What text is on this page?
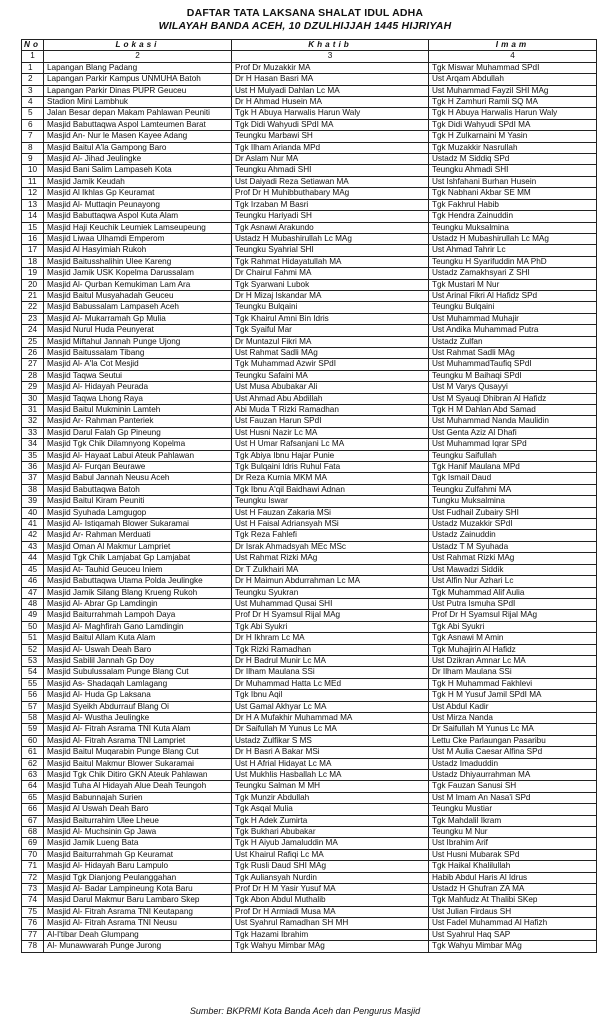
DAFTAR TATA LAKSANA SHALAT IDUL ADHA
WILAYAH BANDA ACEH, 10 DZULHIJJAH 1445 HIJRIYAH
No	Lokasi	Khatib	Imam
1	2	3	4
1	Lapangan Blang Padang	Prof Dr Muzakkir MA	Tgk Miswar Muhammad SPdI
2	Lapangan Parkir Kampus UNMUHA Batoh	Dr H Hasan Basri MA	Ust Arqam Abdullah
3	Lapangan Parkir Dinas PUPR Geuceu	Ust H Mulyadi Dahlan Lc MA	Ust Muhammad Fayzil SHI MAg
4	Stadion Mini Lambhuk	Dr H Ahmad Husein MA	Tgk H Zamhuri Ramli SQ MA
5	Jalan Besar depan Makam Pahlawan Peuniti	Tgk H Abuya Harwalis Harun Waly	Tgk H Abuya Harwalis Harun Waly
6	Masjid Babuttaqwa Aspol Lamteumen Barat	Tgk Didi Wahyudi SPdI MA	Tgk Didi Wahyudi SPdI MA
7	Masjid An- Nur le Masen Kayee Adang	Teungku Marbawi SH	Tgk H Zulkarnaini M Yasin
8	Masjid Baitul A'la Gampong Baro	Tgk Ilham Arianda MPd	Tgk Muzakkir Nasrullah
9	Masjid Al- Jihad Jeulingke	Dr Aslam Nur MA	Ustadz M Siddiq SPd
10	Masjid Bani Salim Lampaseh Kota	Teungku Ahmadi SHI	Teungku Ahmadi SHI
11	Masjid Jamik Keudah	Ust Daiyadi Reza Setiawan MA	Ust Ishfahani Burhan Husein
12	Masjid Al Ikhlas Gp Keuramat	Prof Dr H Muhibbuthabary MAg	Tgk Nabhani Akbar SE MM
13	Masjid Al- Muttaqin Peunayong	Tgk Irzaban M Basri	Tgk Fakhrul Habib
14	Masjid Babuttaqwa Aspol Kuta Alam	Teungku Hariyadi SH	Tgk Hendra Zainuddin
15	Masjid Haji Keuchik Leumiek Lamseupeung	Tgk Asnawi Arakundo	Teungku Muksalmina
16	Masjid Liwaa Ulhamdi Emperom	Ustadz H Mubashirullah Lc MAg	Ustadz H Mubashirullah Lc MAg
17	Masjid Al Hasyimiah Rukoh	Teungku Syahrial SHI	Ust Ahmad Tahrir Lc
18	Masjid Baitusshalihin Ulee Kareng	Tgk Rahmat Hidayatullah MA	Teungku H Syarifuddin MA PhD
19	Masjid Jamik USK Kopelma Darussalam	Dr Chairul Fahmi MA	Ustadz Zamakhsyari Z SHI
20	Masjid Al- Qurban Kemukiman Lam Ara	Tgk Syarwani Lubok	Tgk Mustari M Nur
21	Masjid Baitul Musyahadah Geuceu	Dr H Mizaj Iskandar MA	Ust Arinal Fikri Al Hafidz SPd
22	Masjid Babussalam Lampaseh Aceh	Teungku Bulqaini	Teungku Bulqaini
23	Masjid Al- Mukarramah Gp Mulia	Tgk Khairul Amni Bin Idris	Ust Muhammad Muhajir
24	Masjid Nurul Huda Peunyerat	Tgk Syaiful Mar	Ust Andika Muhammad Putra
25	Masjid Miftahul Jannah Punge Ujong	Dr Muntazul Fikri MA	Ustadz Zulfan
26	Masjid Baitussalam Tibang	Ust Rahmat Sadli MAg	Ust Rahmat Sadli MAg
27	Masjid Al- A'la Cot Mesjid	Tgk Muhammad Azwir SPdI	Ust MuhammadTaufiq SPdI
28	Masjid Taqwa Seutui	Teungku Safaini MA	Teungku M Baihaqi SPdI
29	Masjid Al- Hidayah Peurada	Ust Musa Abubakar Ali	Ust M Varys Qusayyi
30	Masjid Taqwa Lhong Raya	Ust Ahmad Abu Abdillah	Ust M Syauqi Dhibran Al Hafidz
31	Masjid Baitul Mukminin Lamteh	Abi Muda T Rizki Ramadhan	Tgk H M Dahlan Abd Samad
32	Masjid Ar- Rahman Panteriek	Ust Fauzan Harun SPdI	Ust Muhammad Nanda Maulidin
33	Masjid Darul Falah Gp Pineung	Ust Husni Nazir Lc MA	Ust Genta Aziz Al Dhafi
34	Masjid Tgk Chik Dilamnyong Kopelma	Ust H Umar Rafsanjani Lc MA	Ust Muhammad Iqrar SPd
35	Masjid Al- Hayaat Labui Ateuk Pahlawan	Tgk Abiya Ibnu Hajar Punie	Teungku Saifullah
36	Masjid Al- Furqan Beurawe	Tgk Bulqaini Idris Ruhul Fata	Tgk Hanif Maulana MPd
37	Masjid Babul Jannah Neusu Aceh	Dr Reza Kurnia MKM MA	Tgk Ismail Daud
38	Masjid Babuttaqwa Batoh	Tgk Ibnu A'qil Baidhawi Adnan	Teungku Zulfahmi MA
39	Masjid Baitul Kiram Peuniti	Teungku Iswar	Tungku Muksalmina
40	Masjid Syuhada Lamgugop	Ust H Fauzan Zakaria MSi	Ust Fudhail Zubairy SHI
41	Masjid Al- Istiqamah Blower Sukaramai	Ust H Faisal Adriansyah MSi	Ustadz Muzakkir SPdI
42	Masjid Ar- Rahman Merduati	Tgk Reza Fahlefi	Ustadz Zainuddin
43	Masjid Oman Al Makmur Lampriet	Dr Israk Ahmadsyah MEc MSc	Ustadz T M Syuhada
44	Masjid Tgk Chik Lamjabat Gp Lamjabat	Ust Rahmat Rizki MAg	Ust Rahmat Rizki MAg
45	Masjid At- Tauhid Geuceu Iniem	Dr T Zulkhairi MA	Ust Mawadzi Siddik
46	Masjid Babuttaqwa Utama Polda Jeulingke	Dr H Maimun Abdurrahman Lc MA	Ust Alfin Nur Azhari Lc
47	Masjid Jamik Silang Blang Krueng Rukoh	Teungku Syukran	Tgk Muhammad Alif Aulia
48	Masjid Al- Abrar Gp Lamdingin	Ust Muhammad Qusai SHI	Ust Putra Ismuha SPdI
49	Masjid Baiturrahmah Lampoh Daya	Prof Dr H Syamsul Rijal MAg	Prof Dr H Syamsul Rijal MAg
50	Masjid Al- Maghfirah Gano Lamdingin	Tgk Abi Syukri	Tgk Abi Syukri
51	Masjid Baitul Allam Kuta Alam	Dr H Ikhram Lc MA	Tgk Asnawi M Amin
52	Masjid Al- Uswah Deah Baro	Tgk Rizki Ramadhan	Tgk Muhajirin Al Hafidz
53	Masjid Sabilil Jannah Gp Doy	Dr H Badrul Munir Lc MA	Ust Dzikran Amnar Lc MA
54	Masjid Subulussalam Punge Blang Cut	Dr Ilham Maulana SSi	Dr Ilham Maulana SSi
55	Masjid As- Shadaqah Lamlagang	Dr Muhammad Hatta Lc MEd	Tgk H Muhammad Fakhlevi
56	Masjid Al- Huda Gp Laksana	Tgk Ibnu Aqil	Tgk H M Yusuf Jamil SPdI MA
57	Masjid Syeikh Abdurrauf Blang Oi	Ust Gamal Akhyar Lc MA	Ust Abdul Kadir
58	Masjid Al- Wustha Jeulingke	Dr H A Mufakhir Muhammad MA	Ust Mirza Nanda
59	Masjid Al- Fitrah Asrama TNI Kuta Alam	Dr Saifullah M Yunus Lc MA	Dr Saifullah M Yunus Lc MA
60	Masjid Al- Fitrah Asrama TNI Lampriet	Ustadz Zulfikar S MS	Lettu Cke Parlaungan Pasaribu
61	Masjid Baitul Muqarabin Punge Blang Cut	Dr H Basri A Bakar MSi	Ust M Aulia Caesar Alfina SPd
62	Masjid Baitul Makmur Blower Sukaramai	Ust H Afrial Hidayat Lc MA	Ustadz Imaduddin
63	Masjid Tgk Chik Ditiro GKN Ateuk Pahlawan	Ust Mukhlis Hasballah Lc MA	Ustadz Dhiyaurrahman MA
64	Masjid Tuha Al Hidayah Alue Deah Teungoh	Teungku Salman M MH	Tgk Fauzan Sanusi SH
65	Masjid Babunnajah Surien	Tgk Munzir Abdullah	Ust M Imam An Nasa'i SPd
66	Masjid Al Uswah Deah Baro	Tgk Asqal Mulia	Teungku Mustiar
67	Masjid Baiturrahim Ulee Lheue	Tgk H Adek Zumirta	Tgk Mahdalil Ikram
68	Masjid Al- Muchsinin Gp Jawa	Tgk Bukhari Abubakar	Teungku M Nur
69	Masjid Jamik Lueng Bata	Tgk H Aiyub Jamaluddin MA	Ust Ibrahim Arif
70	Masjid Baiturrahmah Gp Keuramat	Ust Khairul Rafiqi Lc MA	Ust Husni Mubarak SPd
71	Masjid Al- Hidayah Baru Lampulo	Tgk Rusli Daud SHI MAg	Tgk Haikal Khalilullah
72	Masjid Tgk Dianjong Peulanggahan	Tgk Auliansyah Nurdin	Habib Abdul Haris Al Idrus
73	Masjid Al- Badar Lampineung Kota Baru	Prof Dr H M Yasir Yusuf MA	Ustadz H Ghufran ZA MA
74	Masjid Darul Makmur Baru Lambaro Skep	Tgk Abon Abdul Muthalib	Tgk Mahfudz At Thalibi SKep
75	Masjid Al- Fitrah Asrama TNI Keutapang	Prof Dr H Armiadi Musa MA	Ust Julian Firdaus SH
76	Masjid Al- Fitrah Asrama TNI Neusu	Ust Syahrul Ramadhan SH MH	Ust Fadel Muhammad Al Hafizh
77	Al-I'tibar Deah Glumpang	Tgk Hazami Ibrahim	Ust Syahrul Haq SAP
78	Al- Munawwarah Punge Jurong	Tgk Wahyu Mimbar MAg	Tgk Wahyu Mimbar MAg
Sumber: BKPRMI Kota Banda Aceh dan Pengurus Masjid
